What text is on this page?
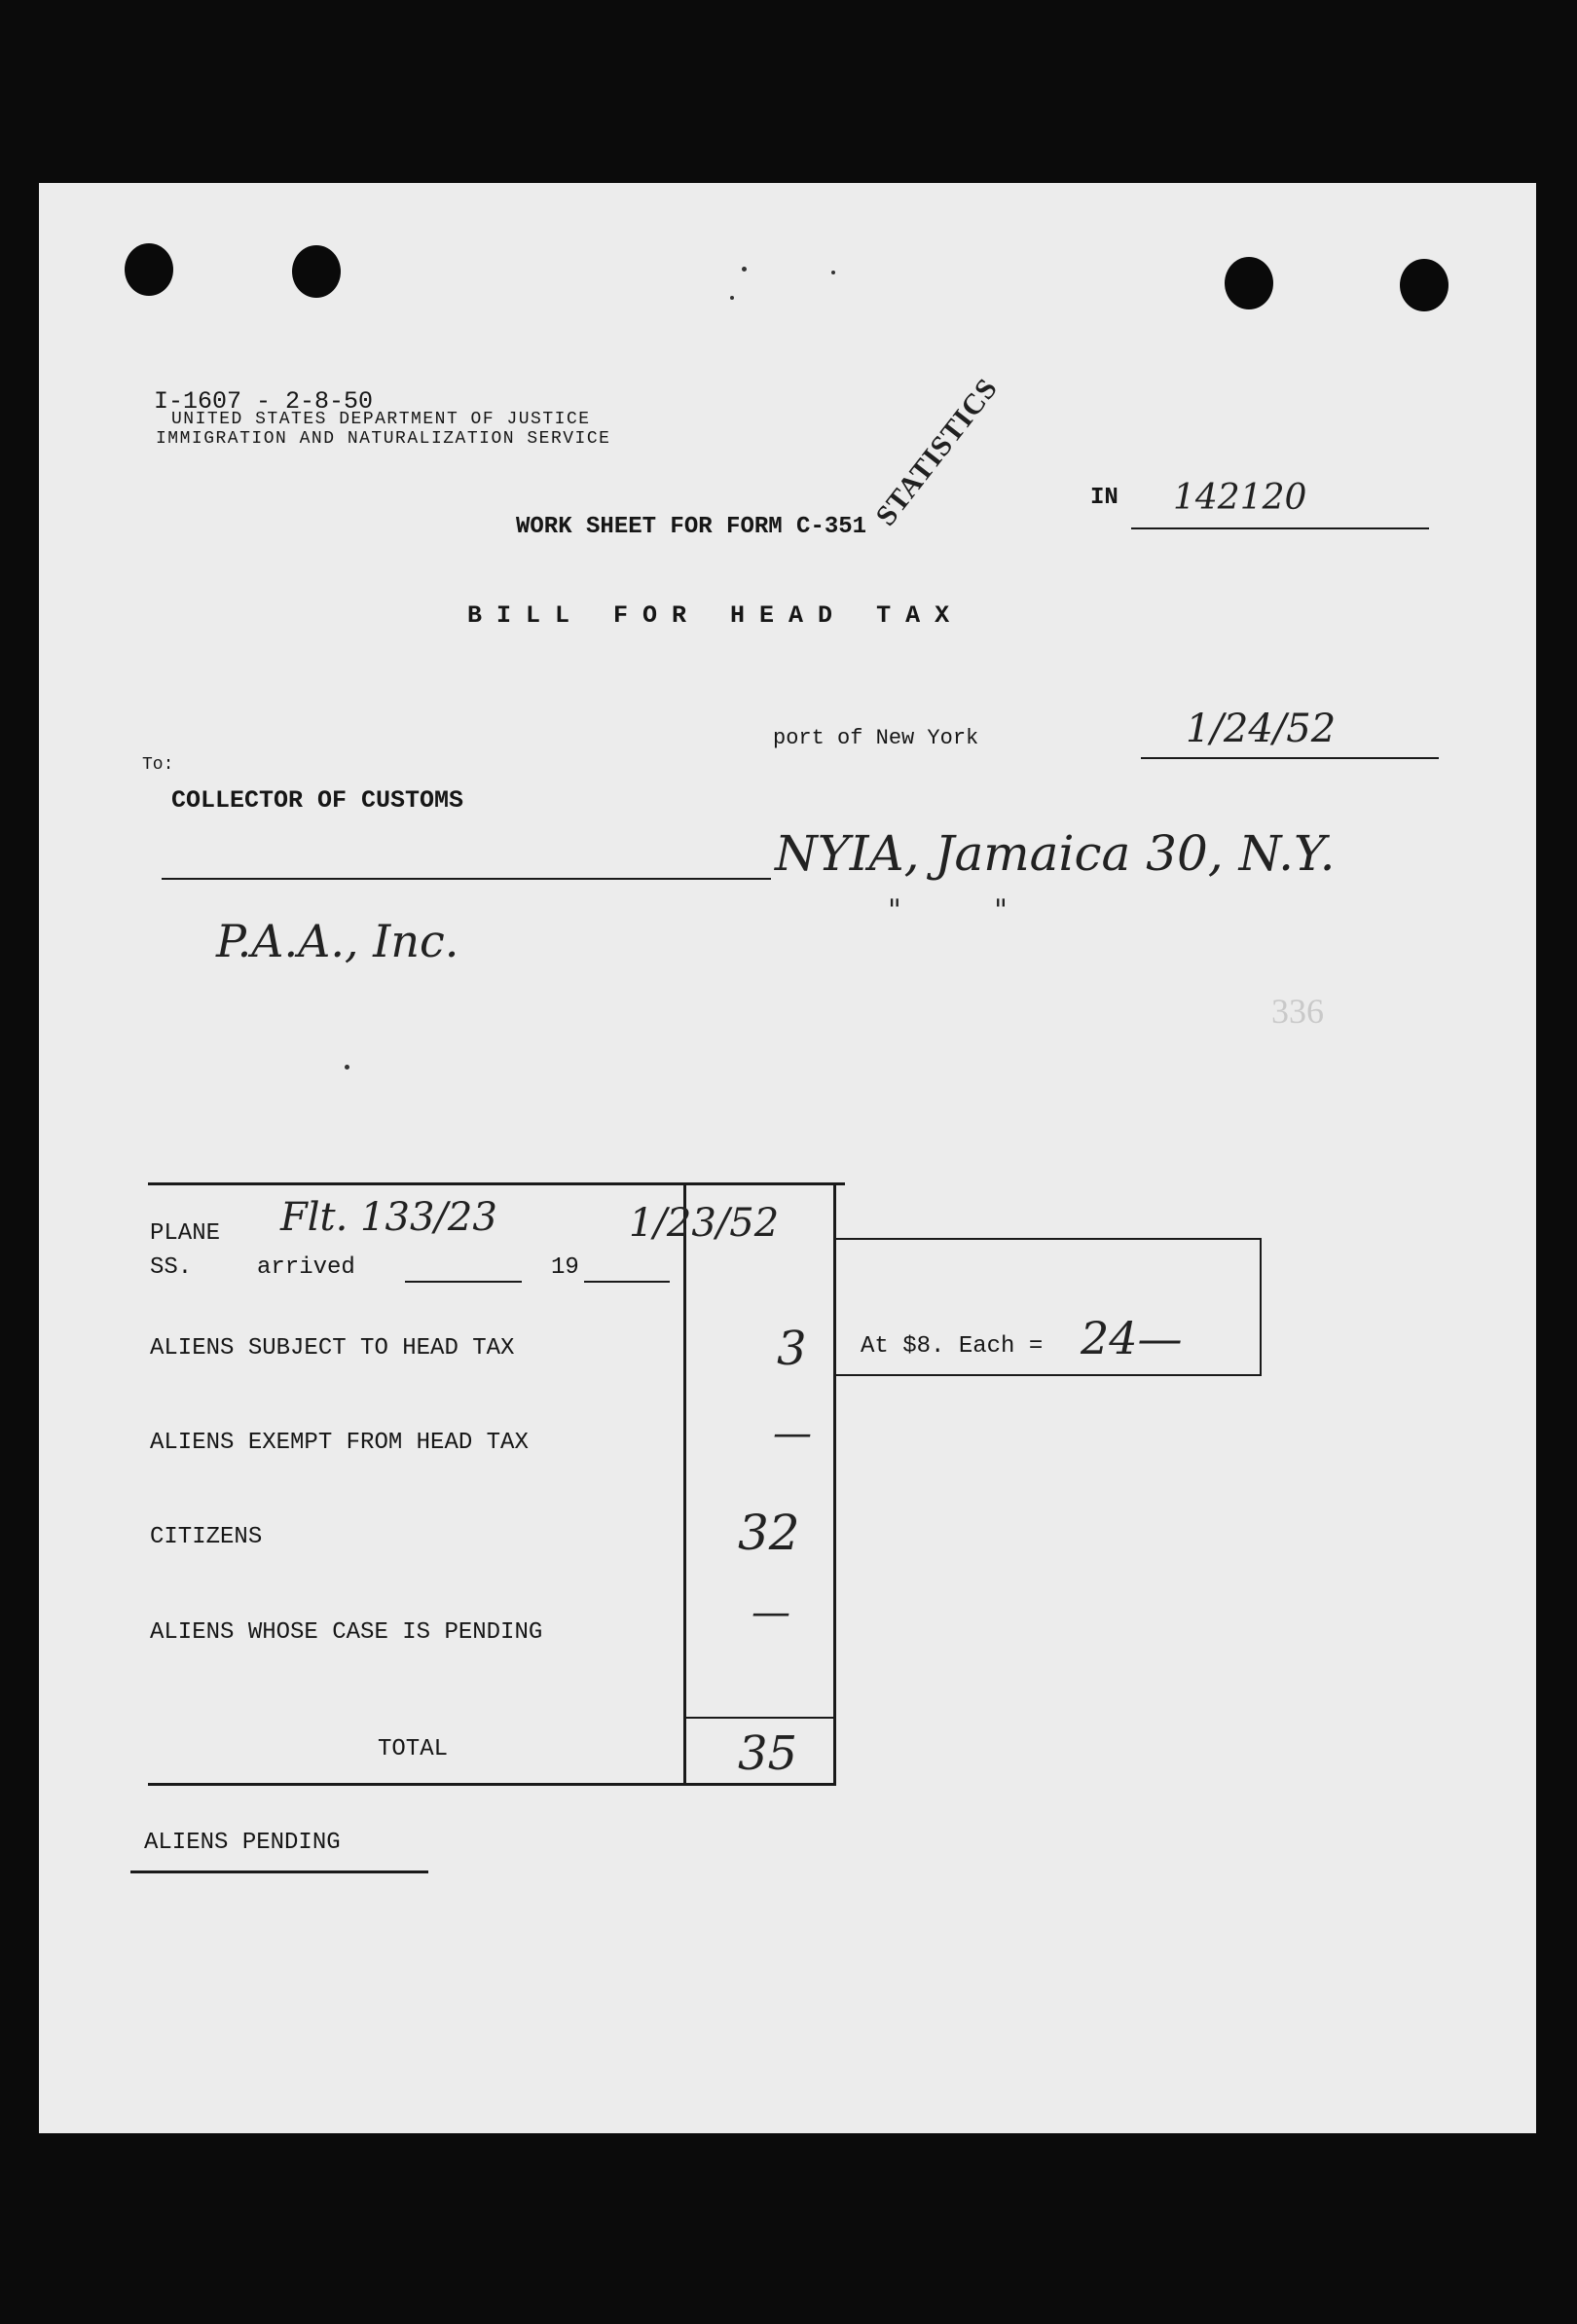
I-1607 - 2-8-50
UNITED STATES DEPARTMENT OF JUSTICE
IMMIGRATION AND NATURALIZATION SERVICE	STATISTICS	IN 142120
WORK SHEET FOR FORM C-351
B I L L   F O R   H E A D   T A X
port of New York	1/24/52
To:
COLLECTOR OF CUSTOMS
NYIA, Jamaica 30, N.Y.
"          "
P.A.A., Inc.
336
PLANE Flt. 133/23	1/23/52
SS.	arrived	19
ALIENS SUBJECT TO HEAD TAX	3
ALIENS EXEMPT FROM HEAD TAX	—
CITIZENS	32
ALIENS WHOSE CASE IS PENDING	—
TOTAL	35
At $8. Each = 24—
ALIENS PENDING
